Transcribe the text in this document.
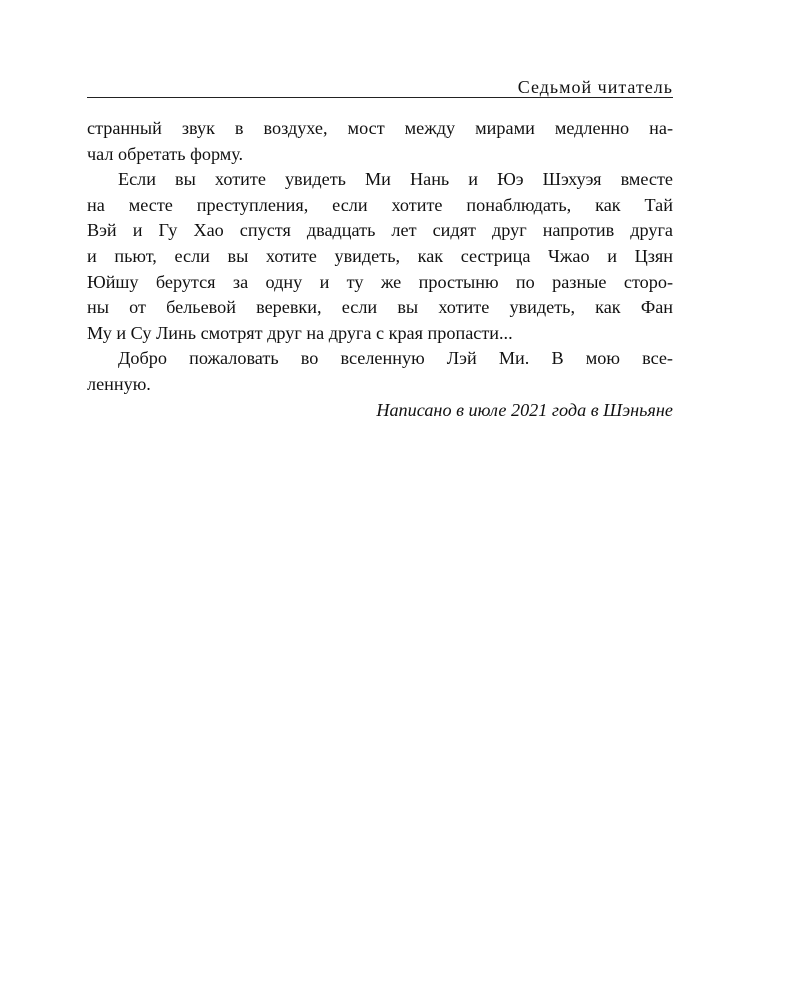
Седьмой читатель
странный звук в воздухе, мост между мирами медленно на-
чал обретать форму.
Если вы хотите увидеть Ми Нань и Юэ Шэхуэя вместе
на месте преступления, если хотите понаблюдать, как Тай
Вэй и Гу Хао спустя двадцать лет сидят друг напротив друга
и пьют, если вы хотите увидеть, как сестрица Чжао и Цзян
Юйшу берутся за одну и ту же простыню по разные сторо-
ны от бельевой веревки, если вы хотите увидеть, как Фан
Му и Су Линь смотрят друг на друга с края пропасти...
Добро пожаловать во вселенную Лэй Ми. В мою все-
ленную.
Написано в июле 2021 года в Шэньяне
